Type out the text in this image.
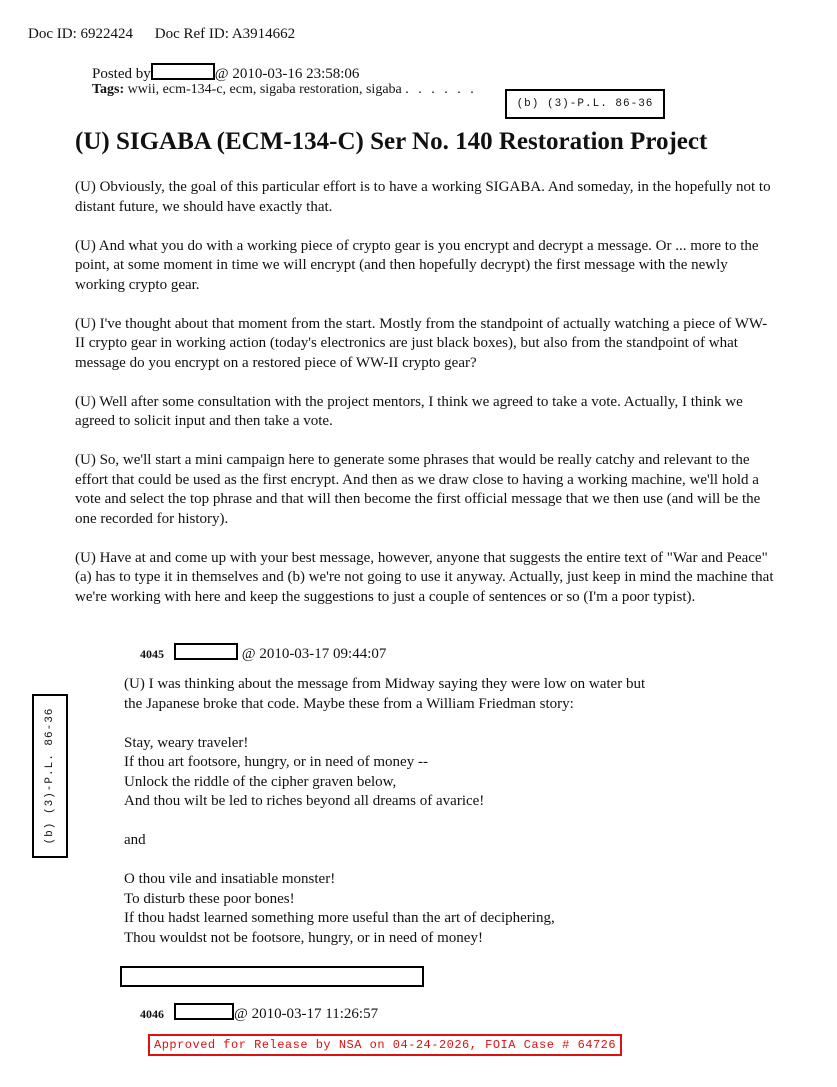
Doc ID: 6922424 Doc Ref ID: A3914662
Posted by	@ 2010-03-16 23:58:06
Tags: wwii, ecm-134-c, ecm, sigaba restoration, sigaba . . . . . .
(b) (3)-P.L. 86-36
(U) SIGABA (ECM-134-C) Ser No. 140 Restoration Project

(U) Obviously, the goal of this particular effort is to have a working SIGABA. And someday, in the hopefully not to distant future, we should have exactly that.

(U) And what you do with a working piece of crypto gear is you encrypt and decrypt a message. Or ... more to the point, at some moment in time we will encrypt (and then hopefully decrypt) the first message with the newly working crypto gear.

(U) I've thought about that moment from the start. Mostly from the standpoint of actually watching a piece of WW-II crypto gear in working action (today's electronics are just black boxes), but also from the standpoint of what message do you encrypt on a restored piece of WW-II crypto gear?

(U) Well after some consultation with the project mentors, I think we agreed to take a vote. Actually, I think we agreed to solicit input and then take a vote.

(U) So, we'll start a mini campaign here to generate some phrases that would be really catchy and relevant to the effort that could be used as the first encrypt. And then as we draw close to having a working machine, we'll hold a vote and select the top phrase and that will then become the first official message that we then use (and will be the one recorded for history).

(U) Have at and come up with your best message, however, anyone that suggests the entire text of "War and Peace" (a) has to type it in themselves and (b) we're not going to use it anyway. Actually, just keep in mind the machine that we're working with here and keep the suggestions to just a couple of sentences or so (I'm a poor typist).

4045	@ 2010-03-17 09:44:07
(b) (3)-P.L. 86-36

(U) I was thinking about the message from Midway saying they were low on water but

the Japanese broke that code. Maybe these from a William Friedman story:

Stay, weary traveler!

If thou art footsore, hungry, or in need of money --

Unlock the riddle of the cipher graven below,

And thou wilt be led to riches beyond all dreams of avarice!

and

O thou vile and insatiable monster!

To disturb these poor bones!

If thou hadst learned something more useful than the art of deciphering,

Thou wouldst not be footsore, hungry, or in need of money!

4046	@ 2010-03-17 11:26:57
Approved for Release by NSA on 04-24-2026, FOIA Case # 64726
